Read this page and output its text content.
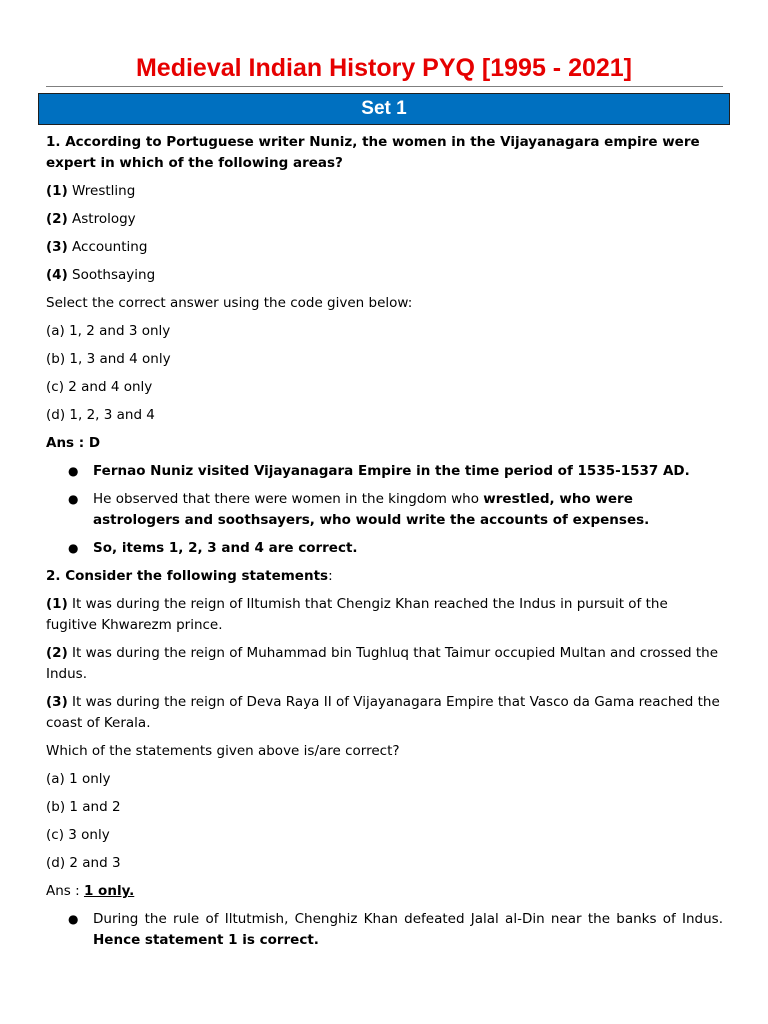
Medieval Indian History PYQ [1995 - 2021]
Set 1

1. According to Portuguese writer Nuniz, the women in the Vijayanagara empire were expert in which of the following areas?

(1) Wrestling

(2) Astrology

(3) Accounting

(4) Soothsaying

Select the correct answer using the code given below:

(a) 1, 2 and 3 only

(b) 1, 3 and 4 only

(c) 2 and 4 only

(d) 1, 2, 3 and 4

Ans : D

● Fernao Nuniz visited Vijayanagara Empire in the time period of 1535-1537 AD.
● He observed that there were women in the kingdom who wrestled, who were astrologers and soothsayers, who would write the accounts of expenses.
● So, items 1, 2, 3 and 4 are correct.

2. Consider the following statements:

(1) It was during the reign of Iltumish that Chengiz Khan reached the Indus in pursuit of the fugitive Khwarezm prince.

(2) It was during the reign of Muhammad bin Tughluq that Taimur occupied Multan and crossed the Indus.

(3) It was during the reign of Deva Raya II of Vijayanagara Empire that Vasco da Gama reached the coast of Kerala.

Which of the statements given above is/are correct?

(a) 1 only

(b) 1 and 2

(c) 3 only

(d) 2 and 3

Ans : 1 only.

● During the rule of Iltutmish, Chenghiz Khan defeated Jalal al-Din near the banks of Indus. Hence statement 1 is correct.
